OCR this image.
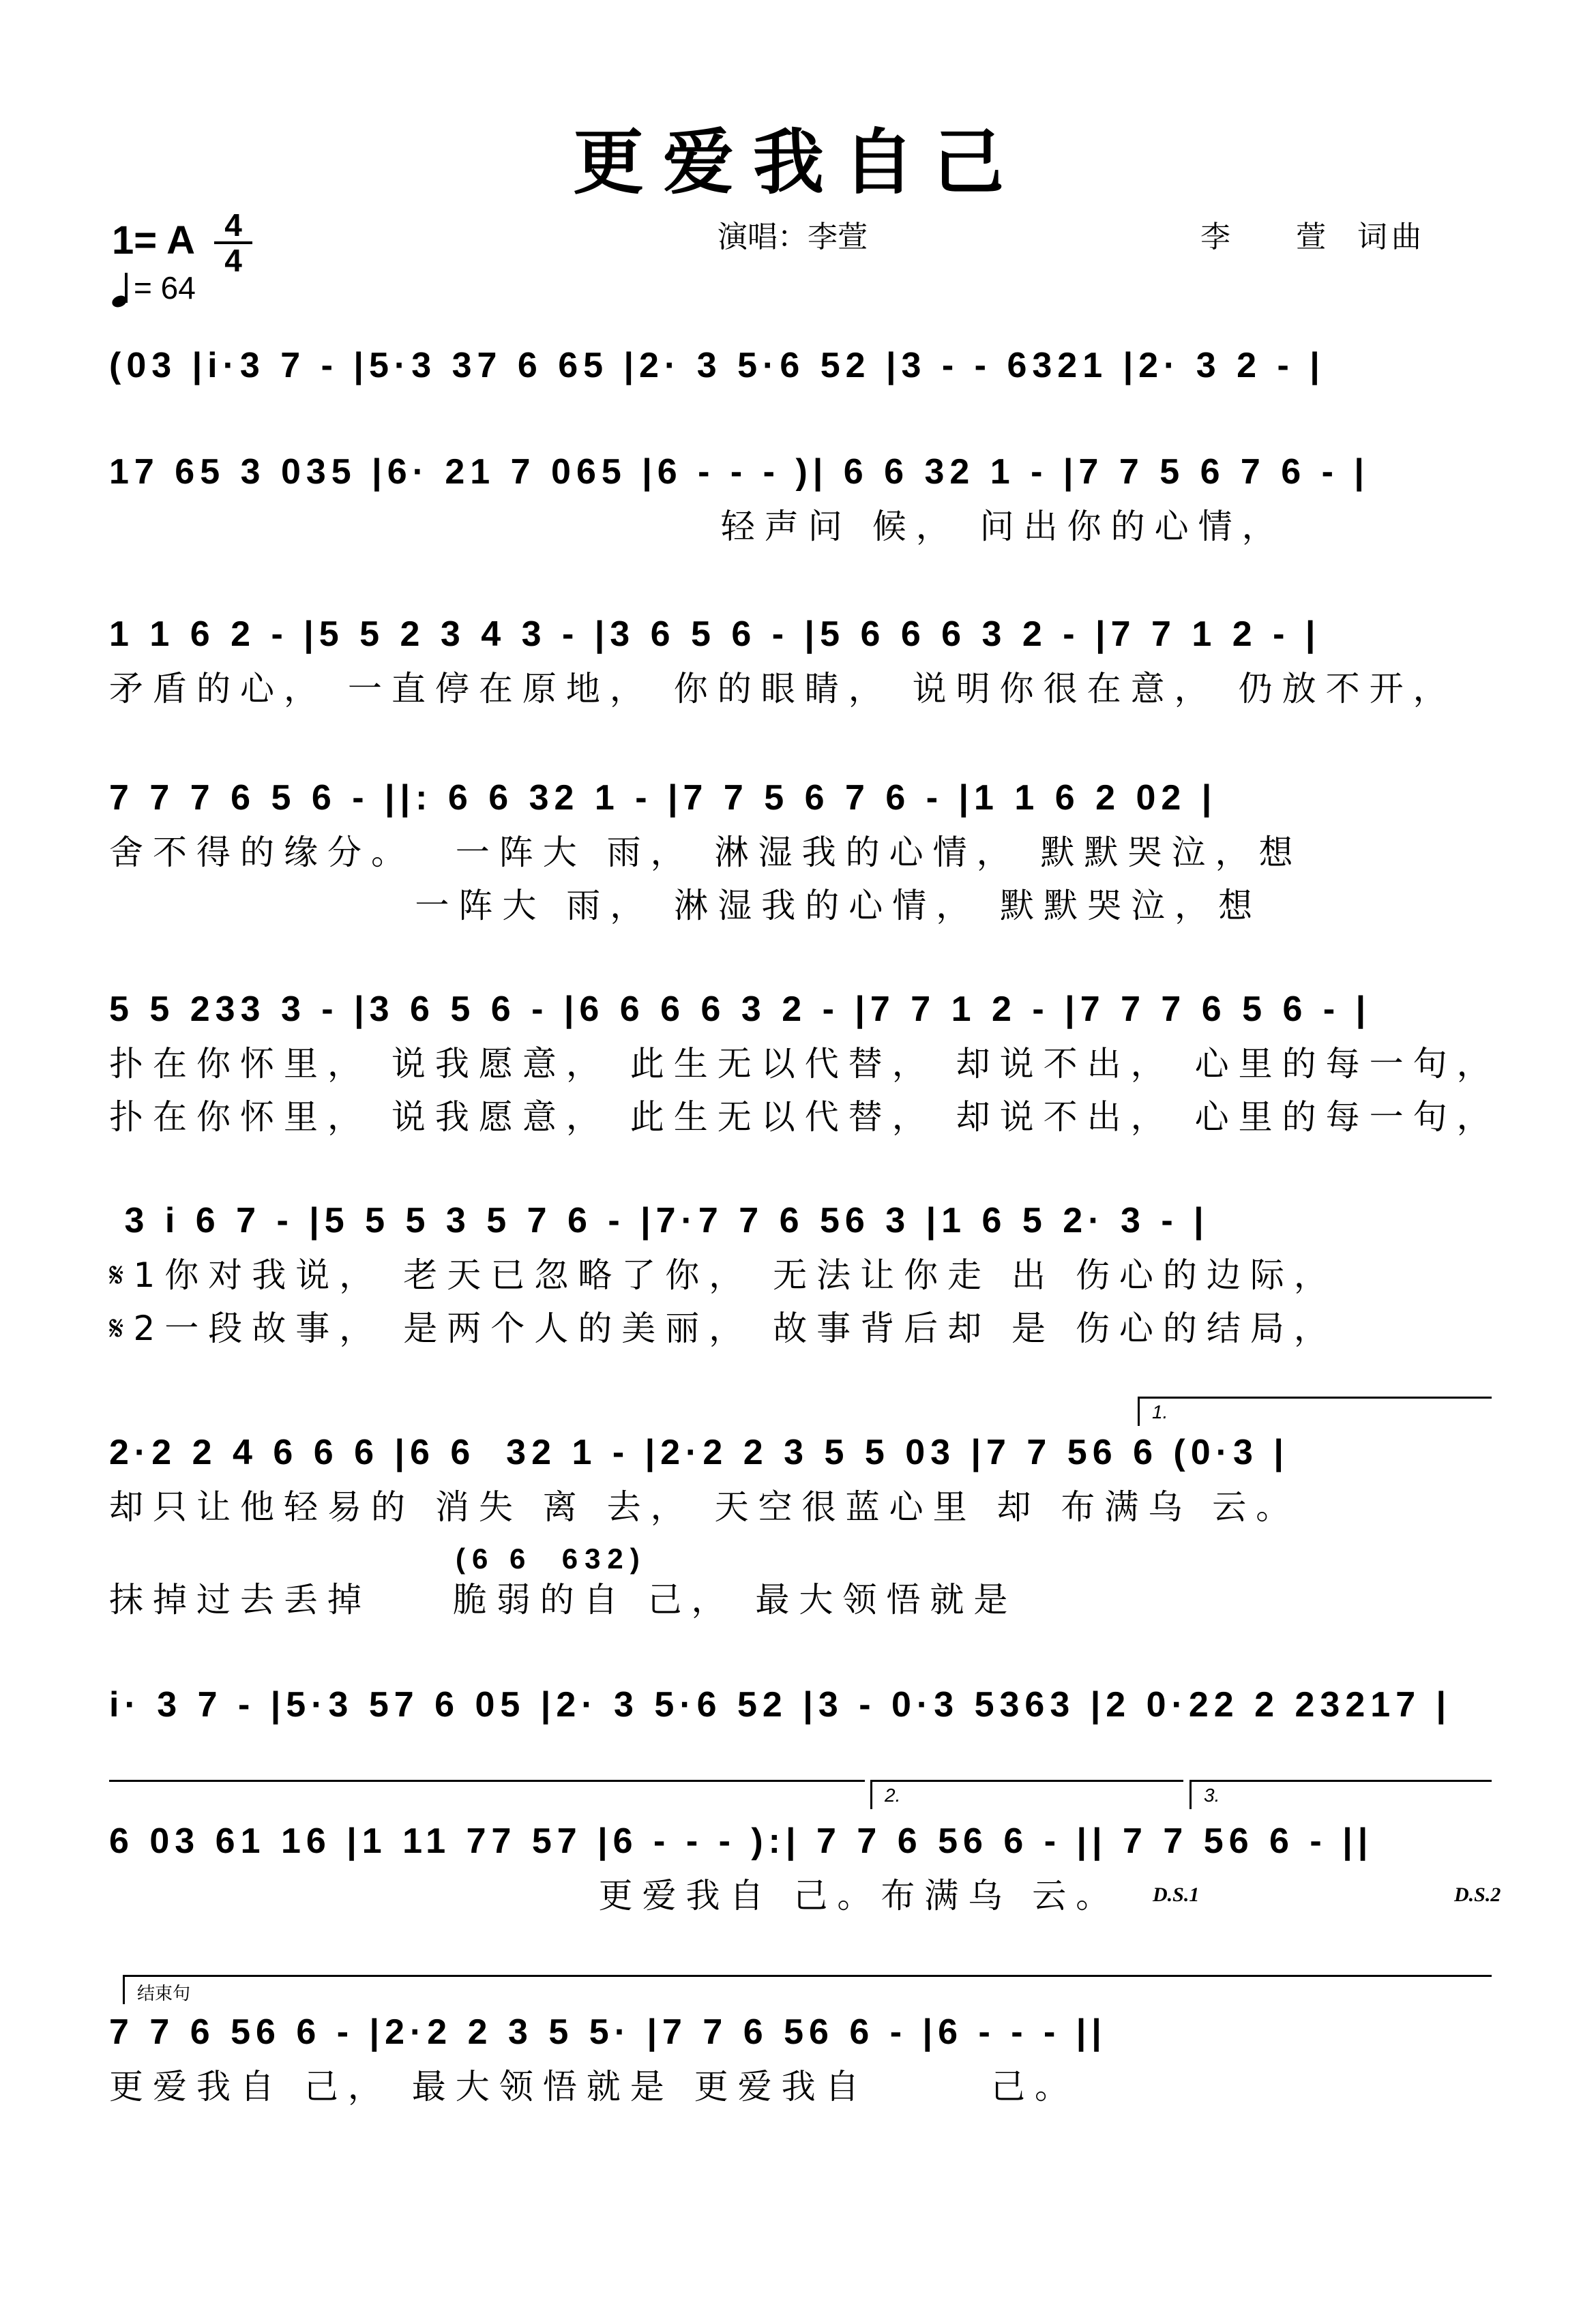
更爱我自己
1= A 4
4
= 64
演唱：李萱	李 萱 词曲
(03 |i·3 7 - |5·3 37 6 65 |2· 3 5·6 52 |3 - - 6321 |2· 3 2 - |
17 65 3 035 |6· 21 7 065 |6 - - - )| 6 6 32 1 - |7 7 5 6 7 6 - |
轻声问 候， 问出你的心情，
1 1 6 2 - |5 5 2 3 4 3 - |3 6 5 6 - |5 6 6 6 3 2 - |7 7 1 2 - |
矛盾的心， 一直停在原地， 你的眼睛， 说明你很在意， 仍放不开，
7 7 7 6 5 6 - ||: 6 6 32 1 - |7 7 5 6 7 6 - |1 1 6 2 02 |
舍不得的缘分。  一阵大 雨， 淋湿我的心情， 默默哭泣，想
一阵大 雨， 淋湿我的心情， 默默哭泣，想
5 5 233 3 - |3 6 5 6 - |6 6 6 6 3 2 - |7 7 1 2 - |7 7 7 6 5 6 - |
扑在你怀里， 说我愿意， 此生无以代替， 却说不出， 心里的每一句，
扑在你怀里， 说我愿意， 此生无以代替， 却说不出， 心里的每一句，
3 i 6 7 - |5 5 5 3 5 7 6 - |7·7 7 6 56 3 |1 6 5 2· 3 - |
𝄋1你对我说， 老天已忽略了你， 无法让你走 出 伤心的边际，
𝄋2一段故事， 是两个人的美丽， 故事背后却 是 伤心的结局，
1.
2·2 2 4 6 6 6 |6 6  32 1 - |2·2 2 3 5 5 03 |7 7 56 6 (0·3 |
却只让他轻易的 消失 离 去， 天空很蓝心里 却 布满乌 云。
(6 6  632)
抹掉过去丢掉    脆弱的自 己， 最大领悟就是
i· 3 7 - |5·3 57 6 05 |2· 3 5·6 52 |3 - 0·3 5363 |2 0·22 2 23217 |
2.	3.
6 03 61 16 |1 11 77 57 |6 - - - ):| 7 7 6 56 6 - || 7 7 56 6 - ||
更爱我自 己。布满乌 云。	D.S.1	D.S.2
结束句
7 7 6 56 6 - |2·2 2 3 5 5· |7 7 6 56 6 - |6 - - - ||
更爱我自 己， 最大领悟就是 更爱我自      己。
